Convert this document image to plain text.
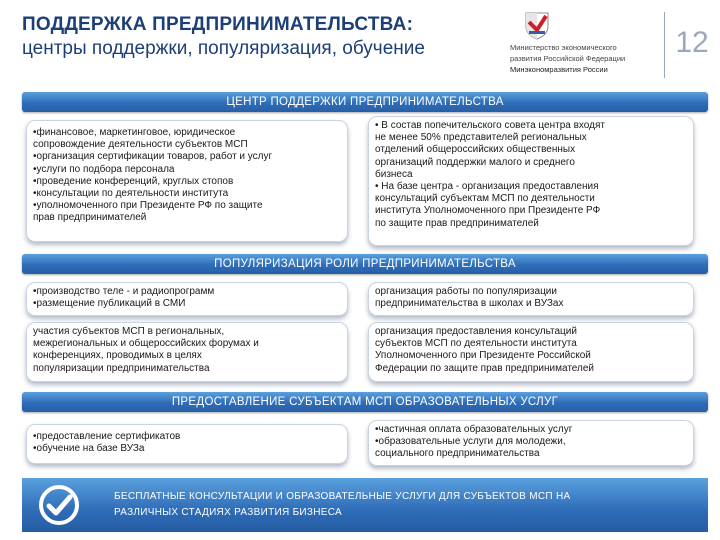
ПОДДЕРЖКА ПРЕДПРИНИМАТЕЛЬСТВА:
центры поддержки, популяризация, обучение	Министерство экономического
развития Российской Федерации
Минэкономразвития России
12
ЦЕНТР ПОДДЕРЖКИ ПРЕДПРИНИМАТЕЛЬСТВА
•финансовое, маркетинговое, юридическое
сопровождение деятельности субъектов МСП
•организация сертификации товаров, работ и услуг
•услуги по подбора персонала
•проведение конференций, круглых стопов
•консультации по деятельности института
•уполномоченного при Президенте РФ по защите
прав предпринимателей
• В состав попечительского совета центра входят
не менее 50% представителей региональных
отделений общероссийских общественных
организаций поддержки малого и среднего
бизнеса
• На базе центра - организация предоставления
консультаций субъектам МСП по деятельности
института Уполномоченного при Президенте РФ
по защите прав предпринимателей
ПОПУЛЯРИЗАЦИЯ РОЛИ ПРЕДПРИНИМАТЕЛЬСТВА
•производство теле - и радиопрограмм
•размещение публикаций в СМИ
организация работы по популяризации
предпринимательства в школах и ВУЗах
участия субъектов МСП в региональных,
межрегиональных и общероссийских форумах и
конференциях, проводимых в целях
популяризации предпринимательства
организация предоставления консультаций
субъектов МСП по деятельности института
Уполномоченного при Президенте Российской
Федерации по защите прав предпринимателей
ПРЕДОСТАВЛЕНИЕ СУБЪЕКТАМ МСП ОБРАЗОВАТЕЛЬНЫХ УСЛУГ
•предоставление сертификатов
•обучение на базе ВУЗа
•частичная оплата образовательных услуг
•образовательные услуги для молодежи,
социального предпринимательства
БЕСПЛАТНЫЕ КОНСУЛЬТАЦИИ И ОБРАЗОВАТЕЛЬНЫЕ УСЛУГИ ДЛЯ СУБЪЕКТОВ МСП НА
РАЗЛИЧНЫХ СТАДИЯХ РАЗВИТИЯ БИЗНЕСА
